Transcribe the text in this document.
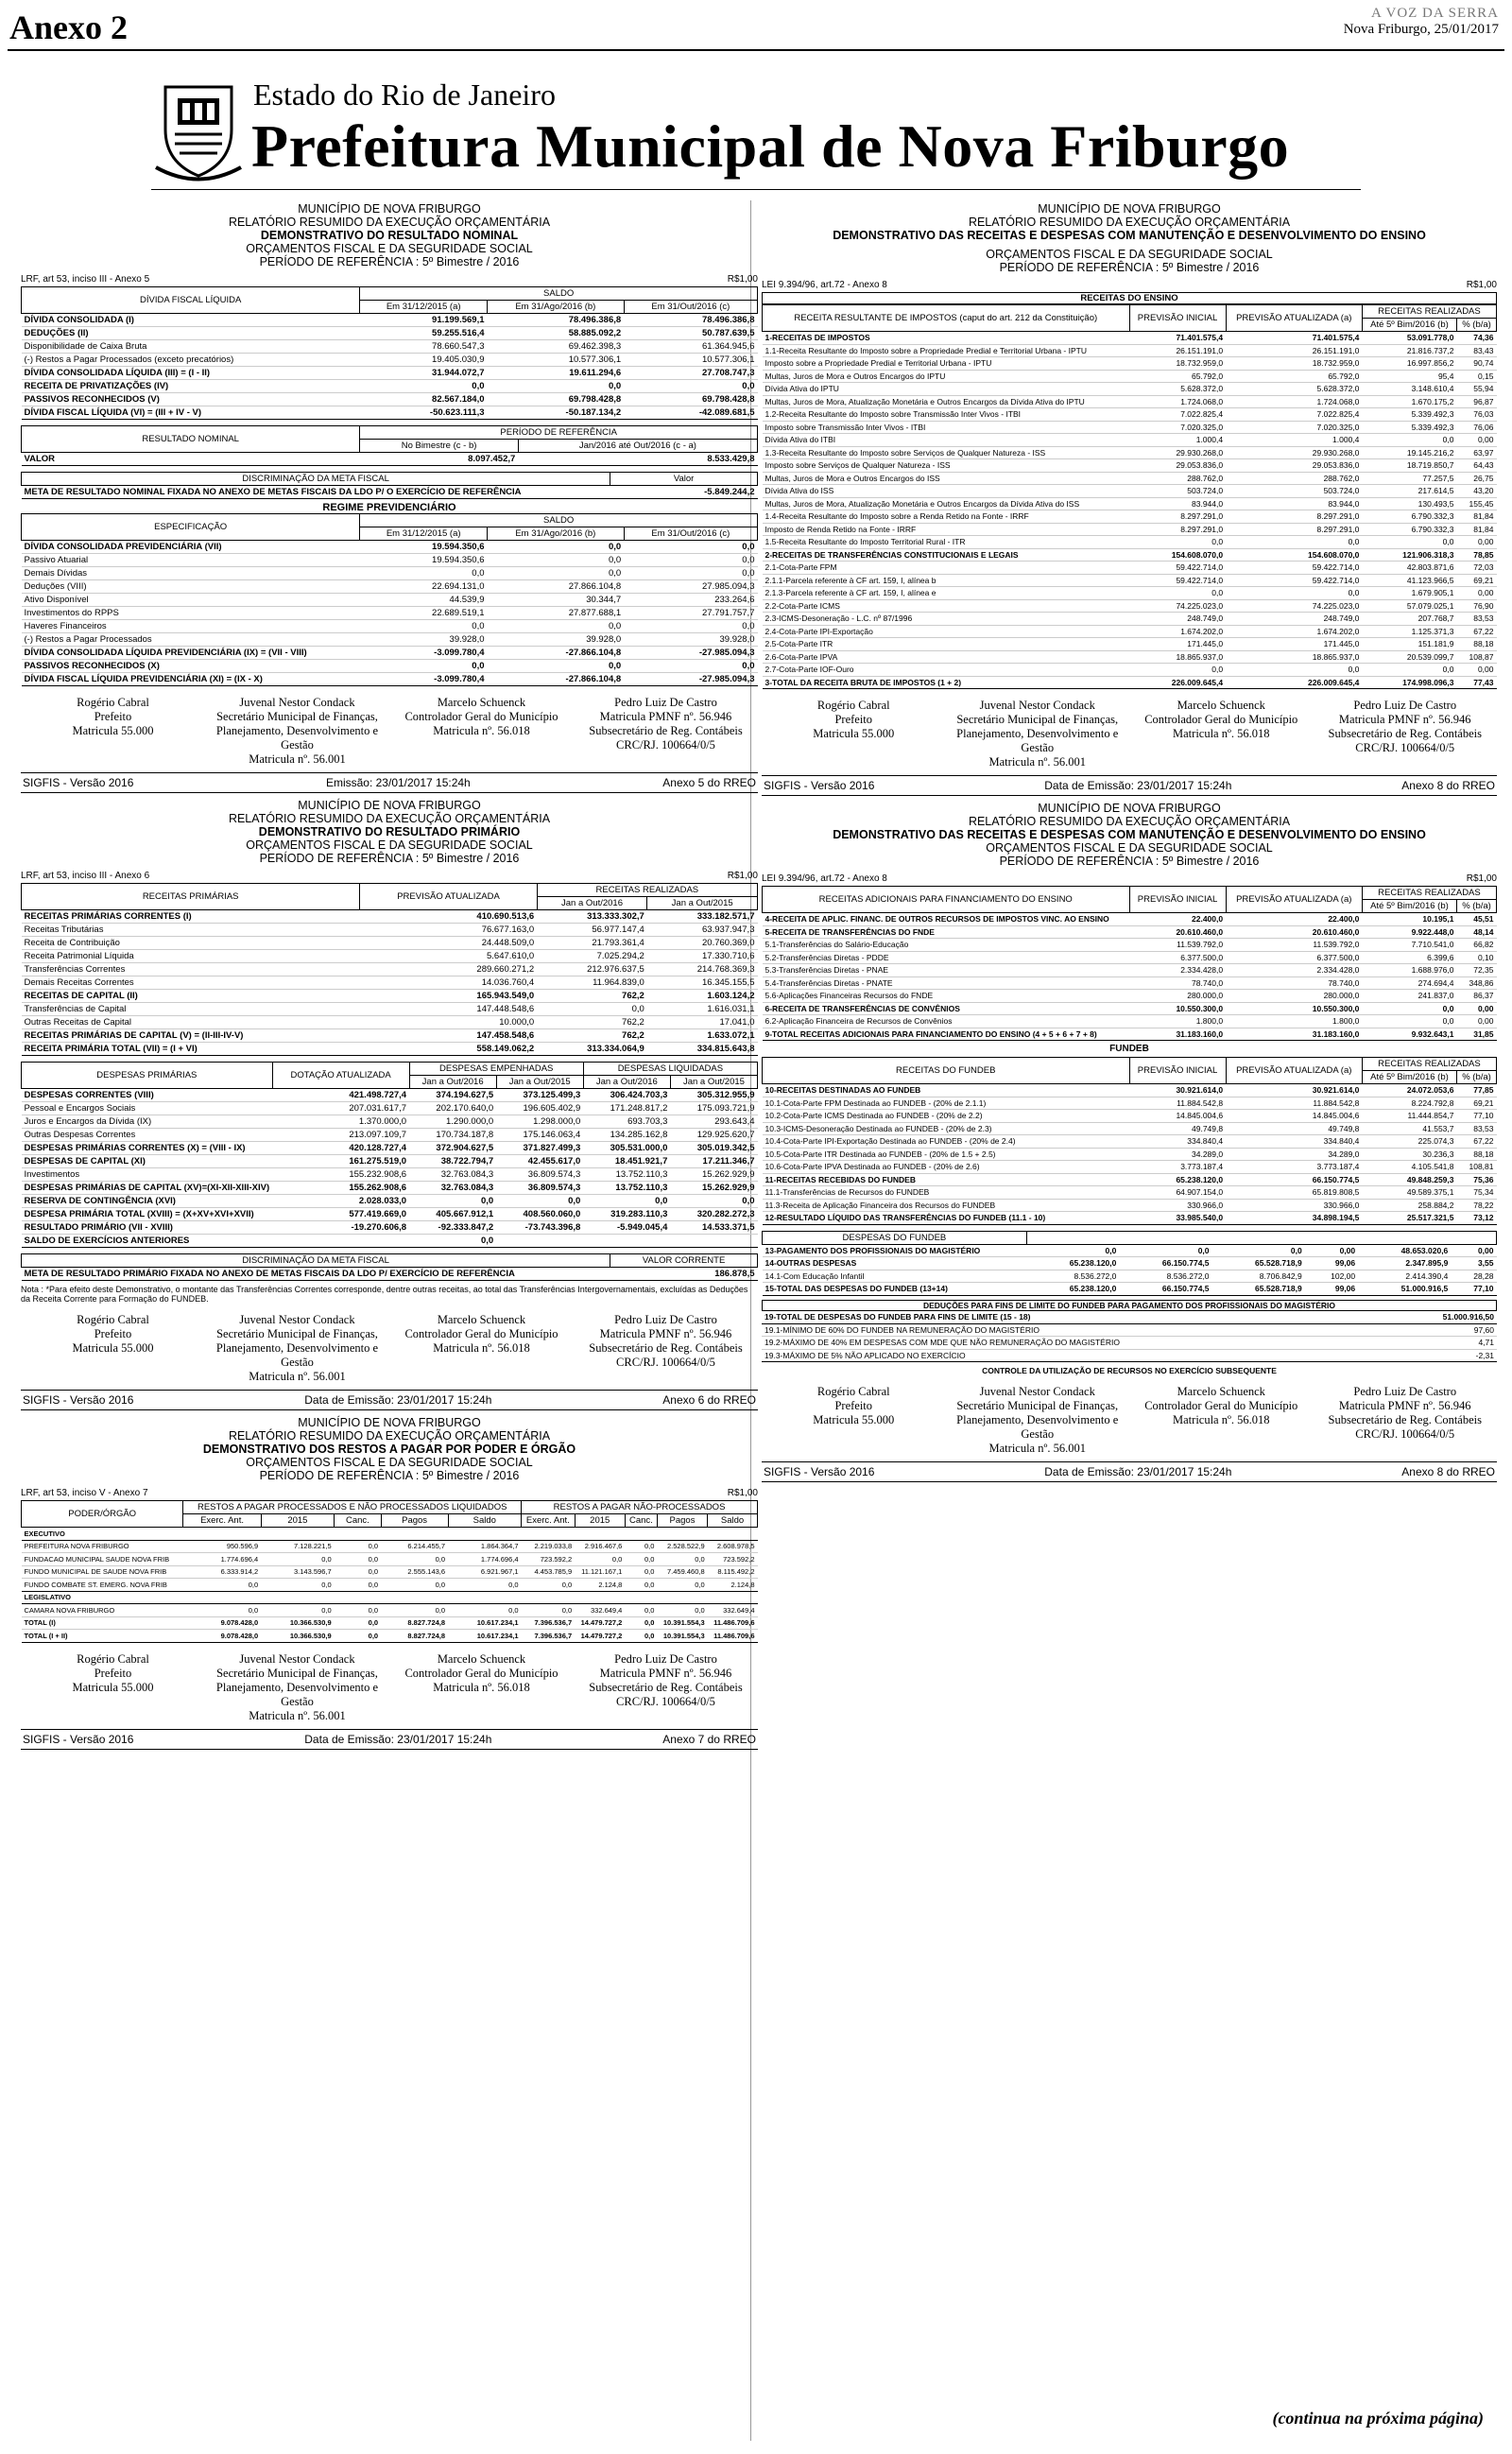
Anexo 2	A VOZ DA SERRA
Nova Friburgo, 25/01/2017
Estado do Rio de Janeiro
Prefeitura Municipal de Nova Friburgo
MUNICÍPIO DE NOVA FRIBURGO
RELATÓRIO RESUMIDO DA EXECUÇÃO ORÇAMENTÁRIA
DEMONSTRATIVO DO RESULTADO NOMINAL
ORÇAMENTOS FISCAL E DA SEGURIDADE SOCIAL
PERÍODO DE REFERÊNCIA : 5º Bimestre / 2016
LRF, art 53, inciso III - Anexo 5	R$1,00
DÍVIDA FISCAL LÍQUIDA	SALDO		
	Em 31/12/2015 (a)	Em 31/Ago/2016 (b)	Em 31/Out/2016 (c)
DÍVIDA CONSOLIDADA (I)	91.199.569,1	78.496.386,8	78.496.386,8
DEDUÇÕES (II)	59.255.516,4	58.885.092,2	50.787.639,5
Disponibilidade de Caixa Bruta	78.660.547,3	69.462.398,3	61.364.945,6
(-) Restos a Pagar Processados (exceto precatórios)	19.405.030,9	10.577.306,1	10.577.306,1
DÍVIDA CONSOLIDADA LÍQUIDA (III) = (I - II)	31.944.072,7	19.611.294,6	27.708.747,3
RECEITA DE PRIVATIZAÇÕES (IV)	0,0	0,0	0,0
PASSIVOS RECONHECIDOS (V)	82.567.184,0	69.798.428,8	69.798.428,8
DÍVIDA FISCAL LÍQUIDA (VI) = (III + IV - V)	-50.623.111,3	-50.187.134,2	-42.089.681,5
RESULTADO NOMINAL	PERÍODO DE REFERÊNCIA	
	No Bimestre (c - b)	Jan/2016 até Out/2016 (c - a)
VALOR	8.097.452,7	8.533.429,8
DISCRIMINAÇÃO DA META FISCAL	Valor
META DE RESULTADO NOMINAL FIXADA NO ANEXO DE METAS FISCAIS DA LDO P/ O EXERCÍCIO DE REFERÊNCIA	-5.849.244,2
REGIME PREVIDENCIÁRIO
ESPECIFICAÇÃO	SALDO		
	Em 31/12/2015 (a)	Em 31/Ago/2016 (b)	Em 31/Out/2016 (c)
DÍVIDA CONSOLIDADA PREVIDENCIÁRIA (VII)	19.594.350,6	0,0	0,0
Passivo Atuarial	19.594.350,6	0,0	0,0
Demais Dívidas	0,0	0,0	0,0
Deduções (VIII)	22.694.131,0	27.866.104,8	27.985.094,3
Ativo Disponível	44.539,9	30.344,7	233.264,6
Investimentos do RPPS	22.689.519,1	27.877.688,1	27.791.757,7
Haveres Financeiros	0,0	0,0	0,0
(-) Restos a Pagar Processados	39.928,0	39.928,0	39.928,0
DÍVIDA CONSOLIDADA LÍQUIDA PREVIDENCIÁRIA (IX) = (VII - VIII)	-3.099.780,4	-27.866.104,8	-27.985.094,3
PASSIVOS RECONHECIDOS (X)	0,0	0,0	0,0
DÍVIDA FISCAL LÍQUIDA PREVIDENCIÁRIA (XI) = (IX - X)	-3.099.780,4	-27.866.104,8	-27.985.094,3
Rogério Cabral
Prefeito
Matricula 55.000
Juvenal Nestor Condack
Secretário Municipal de Finanças, Planejamento, Desenvolvimento e Gestão
Matricula nº. 56.001
Marcelo Schuenck
Controlador Geral do Município
Matricula nº. 56.018
Pedro Luiz De Castro
Matricula PMNF nº. 56.946 Subsecretário de Reg. Contábeis
CRC/RJ. 100664/0/5
SIGFIS - Versão 2016	Emissão: 23/01/2017 15:24h	Anexo 5 do RREO
MUNICÍPIO DE NOVA FRIBURGO
RELATÓRIO RESUMIDO DA EXECUÇÃO ORÇAMENTÁRIA
DEMONSTRATIVO DO RESULTADO PRIMÁRIO
ORÇAMENTOS FISCAL E DA SEGURIDADE SOCIAL
PERÍODO DE REFERÊNCIA : 5º Bimestre / 2016
LRF, art 53, inciso III - Anexo 6	R$1,00
RECEITAS PRIMÁRIAS	PREVISÃO ATUALIZADA	RECEITAS REALIZADAS	
		Jan a Out/2016	Jan a Out/2015
RECEITAS PRIMÁRIAS CORRENTES (I)	410.690.513,6	313.333.302,7	333.182.571,7
Receitas Tributárias	76.677.163,0	56.977.147,4	63.937.947,3
Receita de Contribuição	24.448.509,0	21.793.361,4	20.760.369,0
Receita Patrimonial Líquida	5.647.610,0	7.025.294,2	17.330.710,6
Transferências Correntes	289.660.271,2	212.976.637,5	214.768.369,3
Demais Receitas Correntes	14.036.760,4	11.964.839,0	16.345.155,5
RECEITAS DE CAPITAL (II)	165.943.549,0	762,2	1.603.124,2
Transferências de Capital	147.448.548,6	0,0	1.616.031,1
Outras Receitas de Capital	10.000,0	762,2	17.041,0
RECEITAS PRIMÁRIAS DE CAPITAL (V) = (II-III-IV-V)	147.458.548,6	762,2	1.633.072,1
RECEITA PRIMÁRIA TOTAL (VII) = (I + VI)	558.149.062,2	313.334.064,9	334.815.643,8
DESPESAS PRIMÁRIAS	DOTAÇÃO ATUALIZADA	DESPESAS EMPENHADAS		DESPESAS LIQUIDADAS	
		Jan a Out/2016	Jan a Out/2015	Jan a Out/2016	Jan a Out/2015
DESPESAS CORRENTES (VIII)	421.498.727,4	374.194.627,5	373.125.499,3	306.424.703,3	305.312.955,9
Pessoal e Encargos Sociais	207.031.617,7	202.170.640,0	196.605.402,9	171.248.817,2	175.093.721,9
Juros e Encargos da Dívida (IX)	1.370.000,0	1.290.000,0	1.298.000,0	693.703,3	293.643,4
Outras Despesas Correntes	213.097.109,7	170.734.187,8	175.146.063,4	134.285.162,8	129.925.620,7
DESPESAS PRIMÁRIAS CORRENTES (X) = (VIII - IX)	420.128.727,4	372.904.627,5	371.827.499,3	305.531.000,0	305.019.342,5
DESPESAS DE CAPITAL (XI)	161.275.519,0	38.722.794,7	42.455.617,0	18.451.921,7	17.211.346,7
Investimentos	155.232.908,6	32.763.084,3	36.809.574,3	13.752.110,3	15.262.929,9
DESPESAS PRIMÁRIAS DE CAPITAL (XV)=(XI-XII-XIII-XIV)	155.262.908,6	32.763.084,3	36.809.574,3	13.752.110,3	15.262.929,9
RESERVA DE CONTINGÊNCIA (XVI)	2.028.033,0	0,0	0,0	0,0	0,0
DESPESA PRIMÁRIA TOTAL (XVIII) = (X+XV+XVI+XVII)	577.419.669,0	405.667.912,1	408.560.060,0	319.283.110,3	320.282.272,3
RESULTADO PRIMÁRIO (VII - XVIII)	-19.270.606,8	-92.333.847,2	-73.743.396,8	-5.949.045,4	14.533.371,5
SALDO DE EXERCÍCIOS ANTERIORES		0,0			
DISCRIMINAÇÃO DA META FISCAL	VALOR CORRENTE
META DE RESULTADO PRIMÁRIO FIXADA NO ANEXO DE METAS FISCAIS DA LDO P/ EXERCÍCIO DE REFERÊNCIA	186.878,5
Nota : *Para efeito deste Demonstrativo, o montante das Transferências Correntes corresponde, dentre outras receitas, ao total das Transferências Intergovernamentais, excluídas as Deduções da Receita Corrente para Formação do FUNDEB.
Rogério Cabral
Prefeito
Matricula 55.000
Juvenal Nestor Condack
Secretário Municipal de Finanças, Planejamento, Desenvolvimento e Gestão
Matricula nº. 56.001
Marcelo Schuenck
Controlador Geral do Município
Matricula nº. 56.018
Pedro Luiz De Castro
Matricula PMNF nº. 56.946 Subsecretário de Reg. Contábeis
CRC/RJ. 100664/0/5
SIGFIS - Versão 2016	Data de Emissão: 23/01/2017 15:24h	Anexo 6 do RREO
MUNICÍPIO DE NOVA FRIBURGO
RELATÓRIO RESUMIDO DA EXECUÇÃO ORÇAMENTÁRIA
DEMONSTRATIVO DOS RESTOS A PAGAR POR PODER E ÓRGÃO
ORÇAMENTOS FISCAL E DA SEGURIDADE SOCIAL
PERÍODO DE REFERÊNCIA : 5º Bimestre / 2016
LRF, art 53, inciso V - Anexo 7	R$1,00
PODER/ÓRGÃO	RESTOS A PAGAR PROCESSADOS E NÃO PROCESSADOS LIQUIDADOS					RESTOS A PAGAR NÃO-PROCESSADOS				
	Exerc. Ant.	2015	Canc.	Pagos	Saldo	Exerc. Ant.	2015	Canc.	Pagos	Saldo
EXECUTIVO										
PREFEITURA NOVA FRIBURGO	950.596,9	7.128.221,5	0,0	6.214.455,7	1.864.364,7	2.219.033,8	2.916.467,6	0,0	2.528.522,9	2.608.978,5
FUNDACAO MUNICIPAL SAUDE NOVA FRIB	1.774.696,4	0,0	0,0	0,0	1.774.696,4	723.592,2	0,0	0,0	0,0	723.592,2
FUNDO MUNICIPAL DE SAUDE NOVA FRIB	6.333.914,2	3.143.596,7	0,0	2.555.143,6	6.921.967,1	4.453.785,9	11.121.167,1	0,0	7.459.460,8	8.115.492,2
FUNDO COMBATE ST. EMERG. NOVA FRIB	0,0	0,0	0,0	0,0	0,0	0,0	2.124,8	0,0	0,0	2.124,8
LEGISLATIVO										
CAMARA NOVA FRIBURGO	0,0	0,0	0,0	0,0	0,0	0,0	332.649,4	0,0	0,0	332.649,4
TOTAL (I)	9.078.428,0	10.366.530,9	0,0	8.827.724,8	10.617.234,1	7.396.536,7	14.479.727,2	0,0	10.391.554,3	11.486.709,6
TOTAL (I + II)	9.078.428,0	10.366.530,9	0,0	8.827.724,8	10.617.234,1	7.396.536,7	14.479.727,2	0,0	10.391.554,3	11.486.709,6
Rogério Cabral
Prefeito
Matricula 55.000
Juvenal Nestor Condack
Secretário Municipal de Finanças, Planejamento, Desenvolvimento e Gestão
Matricula nº. 56.001
Marcelo Schuenck
Controlador Geral do Município
Matricula nº. 56.018
Pedro Luiz De Castro
Matricula PMNF nº. 56.946 Subsecretário de Reg. Contábeis
CRC/RJ. 100664/0/5
SIGFIS - Versão 2016	Data de Emissão: 23/01/2017 15:24h	Anexo 7 do RREO
MUNICÍPIO DE NOVA FRIBURGO
RELATÓRIO RESUMIDO DA EXECUÇÃO ORÇAMENTÁRIA
DEMONSTRATIVO DAS RECEITAS E DESPESAS COM MANUTENÇÃO E DESENVOLVIMENTO DO ENSINO
ORÇAMENTOS FISCAL E DA SEGURIDADE SOCIAL
PERÍODO DE REFERÊNCIA : 5º Bimestre / 2016
LEI 9.394/96, art.72 - Anexo 8	R$1,00
RECEITAS DO ENSINO
RECEITA RESULTANTE DE IMPOSTOS (caput do art. 212 da Constituição)	PREVISÃO INICIAL	PREVISÃO ATUALIZADA (a)	RECEITAS REALIZADAS	
			Até 5º Bim/2016 (b)	% (b/a)
1-RECEITAS DE IMPOSTOS	71.401.575,4	71.401.575,4	53.091.778,0	74,36
1.1-Receita Resultante do Imposto sobre a Propriedade Predial e Territorial Urbana - IPTU	26.151.191,0	26.151.191,0	21.816.737,2	83,43
Imposto sobre a Propriedade Predial e Territorial Urbana - IPTU	18.732.959,0	18.732.959,0	16.997.856,2	90,74
Multas, Juros de Mora e Outros Encargos do IPTU	65.792,0	65.792,0	95,4	0,15
Dívida Ativa do IPTU	5.628.372,0	5.628.372,0	3.148.610,4	55,94
Multas, Juros de Mora, Atualização Monetária e Outros Encargos da Dívida Ativa do IPTU	1.724.068,0	1.724.068,0	1.670.175,2	96,87
1.2-Receita Resultante do Imposto sobre Transmissão Inter Vivos - ITBI	7.022.825,4	7.022.825,4	5.339.492,3	76,03
Imposto sobre Transmissão Inter Vivos - ITBI	7.020.325,0	7.020.325,0	5.339.492,3	76,06
Dívida Ativa do ITBI	1.000,4	1.000,4	0,0	0,00
1.3-Receita Resultante do Imposto sobre Serviços de Qualquer Natureza - ISS	29.930.268,0	29.930.268,0	19.145.216,2	63,97
Imposto sobre Serviços de Qualquer Natureza - ISS	29.053.836,0	29.053.836,0	18.719.850,7	64,43
Multas, Juros de Mora e Outros Encargos do ISS	288.762,0	288.762,0	77.257,5	26,75
Dívida Ativa do ISS	503.724,0	503.724,0	217.614,5	43,20
Multas, Juros de Mora, Atualização Monetária e Outros Encargos da Dívida Ativa do ISS	83.944,0	83.944,0	130.493,5	155,45
1.4-Receita Resultante do Imposto sobre a Renda Retido na Fonte - IRRF	8.297.291,0	8.297.291,0	6.790.332,3	81,84
Imposto de Renda Retido na Fonte - IRRF	8.297.291,0	8.297.291,0	6.790.332,3	81,84
1.5-Receita Resultante do Imposto Territorial Rural - ITR	0,0	0,0	0,0	0,00
2-RECEITAS DE TRANSFERÊNCIAS CONSTITUCIONAIS E LEGAIS	154.608.070,0	154.608.070,0	121.906.318,3	78,85
2.1-Cota-Parte FPM	59.422.714,0	59.422.714,0	42.803.871,6	72,03
2.1.1-Parcela referente à CF art. 159, I, alínea b	59.422.714,0	59.422.714,0	41.123.966,5	69,21
2.1.3-Parcela referente à CF art. 159, I, alínea e	0,0	0,0	1.679.905,1	0,00
2.2-Cota-Parte ICMS	74.225.023,0	74.225.023,0	57.079.025,1	76,90
2.3-ICMS-Desoneração - L.C. nº 87/1996	248.749,0	248.749,0	207.768,7	83,53
2.4-Cota-Parte IPI-Exportação	1.674.202,0	1.674.202,0	1.125.371,3	67,22
2.5-Cota-Parte ITR	171.445,0	171.445,0	151.181,9	88,18
2.6-Cota-Parte IPVA	18.865.937,0	18.865.937,0	20.539.099,7	108,87
2.7-Cota-Parte IOF-Ouro	0,0	0,0	0,0	0,00
3-TOTAL DA RECEITA BRUTA DE IMPOSTOS (1 + 2)	226.009.645,4	226.009.645,4	174.998.096,3	77,43
Rogério Cabral
Prefeito
Matricula 55.000
Juvenal Nestor Condack
Secretário Municipal de Finanças, Planejamento, Desenvolvimento e Gestão
Matricula nº. 56.001
Marcelo Schuenck
Controlador Geral do Município
Matricula nº. 56.018
Pedro Luiz De Castro
Matricula PMNF nº. 56.946 Subsecretário de Reg. Contábeis
CRC/RJ. 100664/0/5
SIGFIS - Versão 2016	Data de Emissão: 23/01/2017 15:24h	Anexo 8 do RREO
MUNICÍPIO DE NOVA FRIBURGO
RELATÓRIO RESUMIDO DA EXECUÇÃO ORÇAMENTÁRIA
DEMONSTRATIVO DAS RECEITAS E DESPESAS COM MANUTENÇÃO E DESENVOLVIMENTO DO ENSINO
ORÇAMENTOS FISCAL E DA SEGURIDADE SOCIAL
PERÍODO DE REFERÊNCIA : 5º Bimestre / 2016
LEI 9.394/96, art.72 - Anexo 8	R$1,00
RECEITAS ADICIONAIS PARA FINANCIAMENTO DO ENSINO	PREVISÃO INICIAL	PREVISÃO ATUALIZADA (a)	RECEITAS REALIZADAS	
			Até 5º Bim/2016 (b)	% (b/a)
4-RECEITA DE APLIC. FINANC. DE OUTROS RECURSOS DE IMPOSTOS VINC. AO ENSINO	22.400,0	22.400,0	10.195,1	45,51
5-RECEITA DE TRANSFERÊNCIAS DO FNDE	20.610.460,0	20.610.460,0	9.922.448,0	48,14
5.1-Transferências do Salário-Educação	11.539.792,0	11.539.792,0	7.710.541,0	66,82
5.2-Transferências Diretas - PDDE	6.377.500,0	6.377.500,0	6.399,6	0,10
5.3-Transferências Diretas - PNAE	2.334.428,0	2.334.428,0	1.688.976,0	72,35
5.4-Transferências Diretas - PNATE	78.740,0	78.740,0	274.694,4	348,86
5.6-Aplicações Financeiras Recursos do FNDE	280.000,0	280.000,0	241.837,0	86,37
6-RECEITA DE TRANSFERÊNCIAS DE CONVÊNIOS	10.550.300,0	10.550.300,0	0,0	0,00
6.2-Aplicação Financeira de Recursos de Convênios	1.800,0	1.800,0	0,0	0,00
9-TOTAL RECEITAS ADICIONAIS PARA FINANCIAMENTO DO ENSINO (4 + 5 + 6 + 7 + 8)	31.183.160,0	31.183.160,0	9.932.643,1	31,85
FUNDEB
RECEITAS DO FUNDEB	PREVISÃO INICIAL	PREVISÃO ATUALIZADA (a)	RECEITAS REALIZADAS	
			Até 5º Bim/2016 (b)	% (b/a)
10-RECEITAS DESTINADAS AO FUNDEB	30.921.614,0	30.921.614,0	24.072.053,6	77,85
10.1-Cota-Parte FPM Destinada ao FUNDEB - (20% de 2.1.1)	11.884.542,8	11.884.542,8	8.224.792,8	69,21
10.2-Cota-Parte ICMS Destinada ao FUNDEB - (20% de 2.2)	14.845.004,6	14.845.004,6	11.444.854,7	77,10
10.3-ICMS-Desoneração Destinada ao FUNDEB - (20% de 2.3)	49.749,8	49.749,8	41.553,7	83,53
10.4-Cota-Parte IPI-Exportação Destinada ao FUNDEB - (20% de 2.4)	334.840,4	334.840,4	225.074,3	67,22
10.5-Cota-Parte ITR Destinada ao FUNDEB - (20% de 1.5 + 2.5)	34.289,0	34.289,0	30.236,3	88,18
10.6-Cota-Parte IPVA Destinada ao FUNDEB - (20% de 2.6)	3.773.187,4	3.773.187,4	4.105.541,8	108,81
11-RECEITAS RECEBIDAS DO FUNDEB	65.238.120,0	66.150.774,5	49.848.259,3	75,36
11.1-Transferências de Recursos do FUNDEB	64.907.154,0	65.819.808,5	49.589.375,1	75,34
11.3-Receita de Aplicação Financeira dos Recursos do FUNDEB	330.966,0	330.966,0	258.884,2	78,22
12-RESULTADO LÍQUIDO DAS TRANSFERÊNCIAS DO FUNDEB (11.1 - 10)	33.985.540,0	34.898.194,5	25.517.321,5	73,12
DESPESAS DO FUNDEB						
13-PAGAMENTO DOS PROFISSIONAIS DO MAGISTÉRIO	0,0	0,0	0,0	0,00	48.653.020,6	0,00
14-OUTRAS DESPESAS	65.238.120,0	66.150.774,5	65.528.718,9	99,06	2.347.895,9	3,55
14.1-Com Educação Infantil	8.536.272,0	8.536.272,0	8.706.842,9	102,00	2.414.390,4	28,28
15-TOTAL DAS DESPESAS DO FUNDEB (13+14)	65.238.120,0	66.150.774,5	65.528.718,9	99,06	51.000.916,5	77,10
DEDUÇÕES PARA FINS DE LIMITE DO FUNDEB PARA PAGAMENTO DOS PROFISSIONAIS DO MAGISTÉRIO
19-TOTAL DE DESPESAS DO FUNDEB PARA FINS DE LIMITE (15 - 18)	51.000.916,50
19.1-MÍNIMO DE 60% DO FUNDEB NA REMUNERAÇÃO DO MAGISTÉRIO	97,60
19.2-MÁXIMO DE 40% EM DESPESAS COM MDE QUE NÃO REMUNERAÇÃO DO MAGISTÉRIO	4,71
19.3-MÁXIMO DE 5% NÃO APLICADO NO EXERCÍCIO	-2,31
CONTROLE DA UTILIZAÇÃO DE RECURSOS NO EXERCÍCIO SUBSEQUENTE
Rogério Cabral
Prefeito
Matricula 55.000
Juvenal Nestor Condack
Secretário Municipal de Finanças, Planejamento, Desenvolvimento e Gestão
Matricula nº. 56.001
Marcelo Schuenck
Controlador Geral do Município
Matricula nº. 56.018
Pedro Luiz De Castro
Matricula PMNF nº. 56.946 Subsecretário de Reg. Contábeis
CRC/RJ. 100664/0/5
SIGFIS - Versão 2016	Data de Emissão: 23/01/2017 15:24h	Anexo 8 do RREO
(continua na próxima página)
